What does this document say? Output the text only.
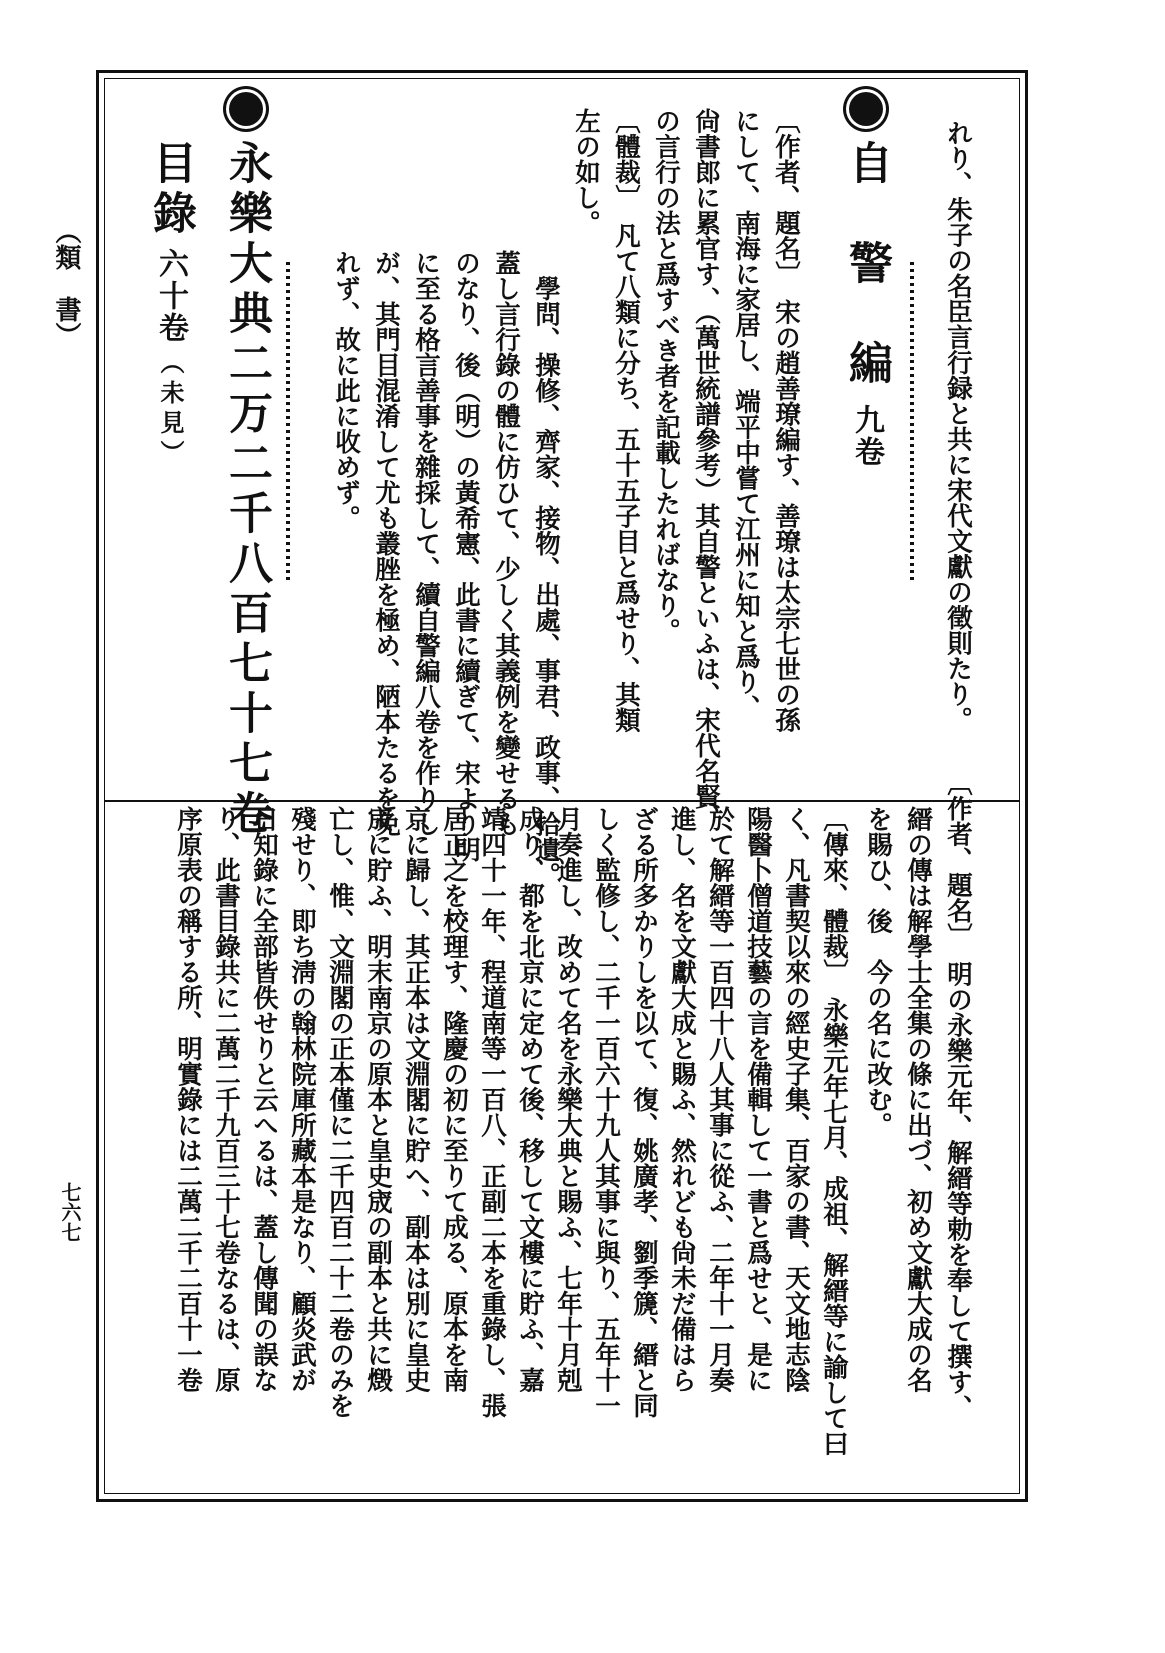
（類　書）
七六七
れり、朱子の名臣言行録と共に宋代文獻の徵則たり。
自　警　編九卷
〔作者、題名〕　宋の趙善璙編す、善璙は太宗七世の孫
にして、南海に家居し、端平中嘗て江州に知と爲り、
尙書郎に累官す、（萬世統譜參考）其自警といふは、宋代名賢
の言行の法と爲すべき者を記載したればなり。
〔體裁〕　凡て八類に分ち、五十五子目と爲せり、其類
左の如し。
　學問、操修、齊家、接物、出處、事君、政事、拾遺。
蓋し言行錄の體に仿ひて、少しく其義例を變せるも
のなり、後（明）の黃希憲、此書に續ぎて、宋より明
に至る格言善事を雜採して、續自警編八卷を作りし
が、其門目混淆して尤も叢脞を極め、陋本たるを免
れず、故に此に收めず。
永樂大典二万二千八百七十七卷
目錄六十卷（未見）
〔作者、題名〕　明の永樂元年、解縉等勅を奉して撰す、
縉の傳は解學士全集の條に出づ、初め文獻大成の名
を賜ひ、後　今の名に改む。
〔傳來、體裁〕　永樂元年七月、成祖、解縉等に諭して曰
く、凡書契以來の經史子集、百家の書、天文地志陰
陽醫卜僧道技藝の言を備輯して一書と爲せと、是に
於て解縉等一百四十八人其事に從ふ、二年十一月奏
進し、名を文獻大成と賜ふ、然れども尙未だ備はら
ざる所多かりしを以て、復、姚廣孝、劉季篪、縉と同
しく監修し、二千一百六十九人其事に與り、五年十一
月奏進し、改めて名を永樂大典と賜ふ、七年十月剋
成り、都を北京に定めて後、移して文樓に貯ふ、嘉
靖四十一年、程道南等一百八、正副二本を重錄し、張
居正之を校理す、隆慶の初に至りて成る、原本を南
京に歸し、其正本は文淵閣に貯へ、副本は別に皇史
宬に貯ふ、明末南京の原本と皇史宬の副本と共に燬
亡し、惟、文淵閣の正本僅に二千四百二十二卷のみを
殘せり、即ち淸の翰林院庫所藏本是なり、顧炎武が
日知錄に全部皆佚せりと云へるは、蓋し傳聞の誤な
り、此書目錄共に二萬二千九百三十七卷なるは、原
序原表の稱する所、明實錄には二萬二千二百十一卷
